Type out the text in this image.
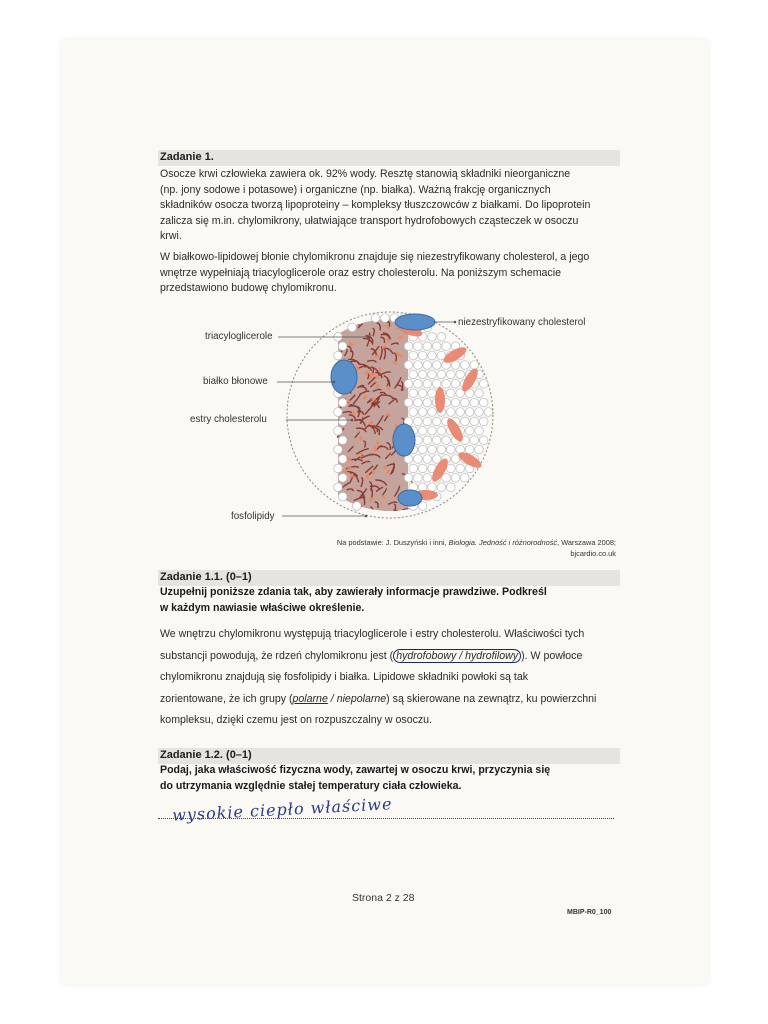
Zadanie 1.
Osocze krwi człowieka zawiera ok. 92% wody. Resztę stanowią składniki nieorganiczne
(np. jony sodowe i potasowe) i organiczne (np. białka). Ważną frakcję organicznych
składników osocza tworzą lipoproteiny – kompleksy tłuszczowców z białkami. Do lipoprotein
zalicza się m.in. chylomikrony, ułatwiające transport hydrofobowych cząsteczek w osoczu
krwi.
W białkowo-lipidowej błonie chylomikronu znajduje się niezestryfikowany cholesterol, a jego
wnętrze wypełniają triacyloglicerole oraz estry cholesterolu. Na poniższym schemacie
przedstawiono budowę chylomikronu.
triacyloglicerole
białko błonowe
estry cholesterolu
fosfolipidy
niezestryfikowany cholesterol
Na podstawie: J. Duszyński i inni, Biologia. Jedność i różnorodność, Warszawa 2008;
bjcardio.co.uk
Zadanie 1.1. (0–1)
Uzupełnij poniższe zdania tak, aby zawierały informacje prawdziwe. Podkreśl
w każdym nawiasie właściwe określenie.
We wnętrzu chylomikronu występują triacyloglicerole i estry cholesterolu. Właściwości tych
substancji powodują, że rdzeń chylomikronu jest ( hydrofobowy / hydrofilowy ). W powłoce
chylomikronu znajdują się fosfolipidy i białka. Lipidowe składniki powłoki są tak
zorientowane, że ich grupy (polarne / niepolarne) są skierowane na zewnątrz, ku powierzchni
kompleksu, dzięki czemu jest on rozpuszczalny w osoczu.
Zadanie 1.2. (0–1)
Podaj, jaka właściwość fizyczna wody, zawartej w osoczu krwi, przyczynia się
do utrzymania względnie stałej temperatury ciała człowieka.
wysokie ciepło właściwe
Strona 2 z 28
MBIP-R0_100
